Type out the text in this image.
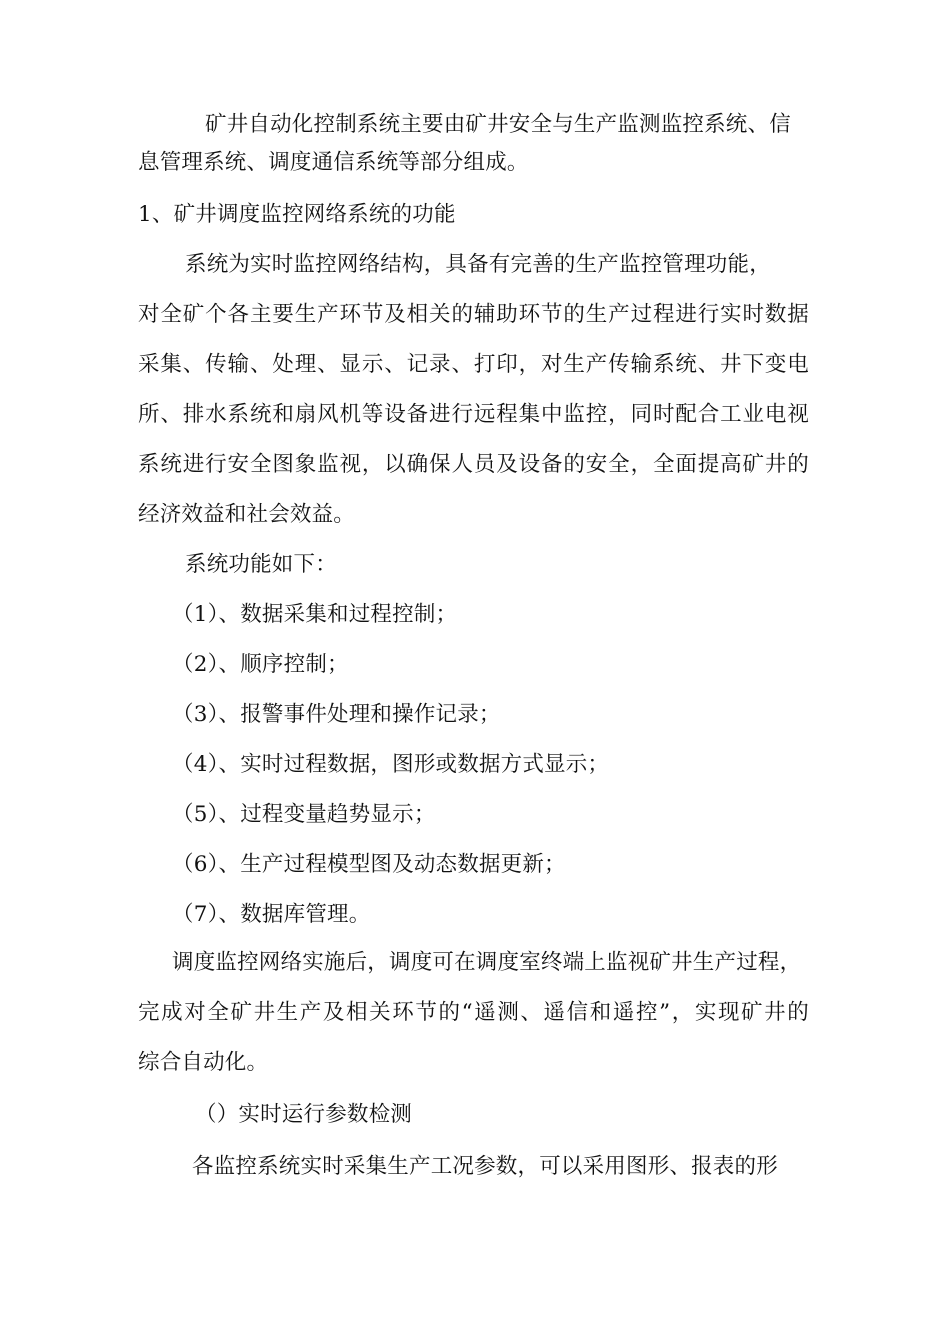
矿井自动化控制系统主要由矿井安全与生产监测监控系统、信
息管理系统、调度通信系统等部分组成。
1、矿井调度监控网络系统的功能
系统为实时监控网络结构，具备有完善的生产监控管理功能，
对全矿个各主要生产环节及相关的辅助环节的生产过程进行实时数据
采集、传输、处理、显示、记录、打印，对生产传输系统、井下变电
所、排水系统和扇风机等设备进行远程集中监控，同时配合工业电视
系统进行安全图象监视，以确保人员及设备的安全，全面提高矿井的
经济效益和社会效益。
系统功能如下：
（1）、数据采集和过程控制；
（2）、顺序控制；
（3）、报警事件处理和操作记录；
（4）、实时过程数据，图形或数据方式显示；
（5）、过程变量趋势显示；
（6）、生产过程模型图及动态数据更新；
（7）、数据库管理。
调度监控网络实施后，调度可在调度室终端上监视矿井生产过程，
完成对全矿井生产及相关环节的“遥测、遥信和遥控”，实现矿井的
综合自动化。
（）实时运行参数检测
各监控系统实时采集生产工况参数，可以采用图形、报表的形
